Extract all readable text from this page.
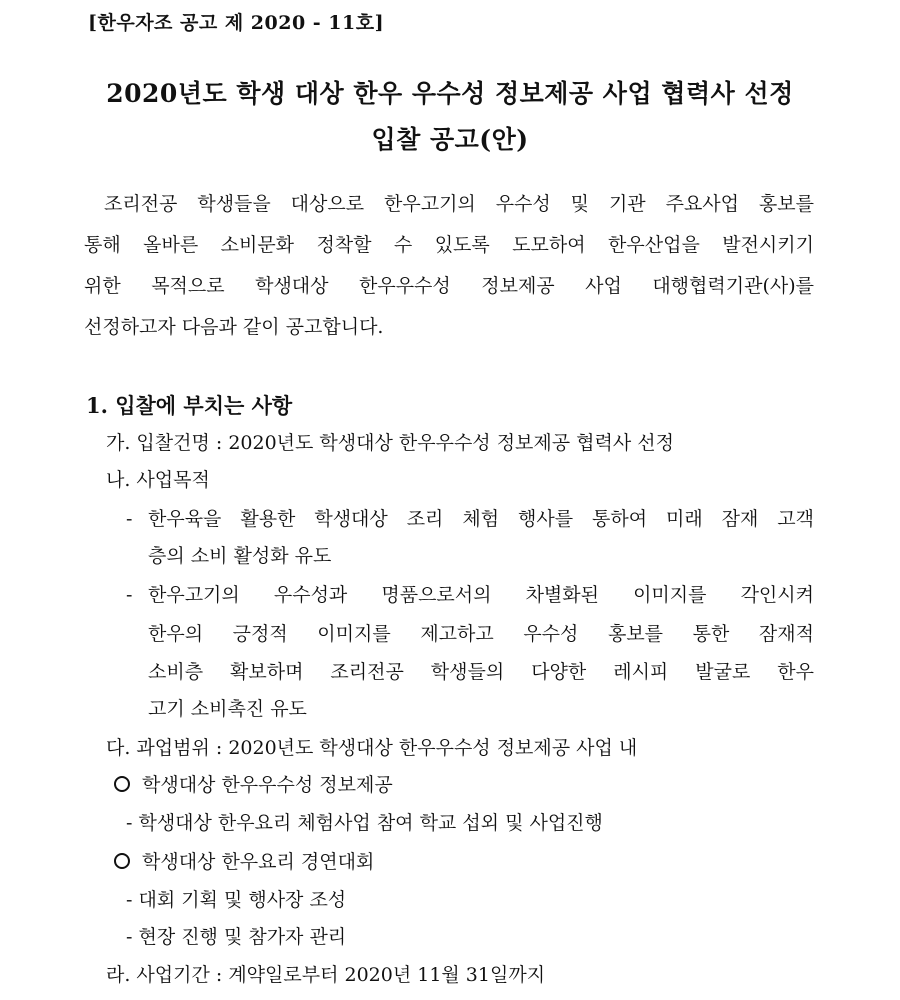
[한우자조 공고 제 2020 - 11호]
2020년도 학생 대상 한우 우수성 정보제공 사업 협력사 선정
입찰 공고(안)
조리전공 학생들을 대상으로 한우고기의 우수성 및 기관 주요사업 홍보를
통해 올바른 소비문화 정착할 수 있도록 도모하여 한우산업을 발전시키기
위한 목적으로 학생대상 한우우수성 정보제공 사업 대행협력기관(사)를
선정하고자 다음과 같이 공고합니다.
1. 입찰에 부치는 사항
가. 입찰건명 : 2020년도 학생대상 한우우수성 정보제공 협력사 선정
나. 사업목적
- 한우육을 활용한 학생대상 조리 체험 행사를 통하여 미래 잠재 고객
층의 소비 활성화 유도
- 한우고기의 우수성과 명품으로서의 차별화된 이미지를 각인시켜
한우의 긍정적 이미지를 제고하고 우수성 홍보를 통한 잠재적
소비층 확보하며 조리전공 학생들의 다양한 레시피 발굴로 한우
고기 소비촉진 유도
다. 과업범위 : 2020년도 학생대상 한우우수성 정보제공 사업 내
학생대상 한우우수성 정보제공
- 학생대상 한우요리 체험사업 참여 학교 섭외 및 사업진행
학생대상 한우요리 경연대회
- 대회 기획 및 행사장 조성
- 현장 진행 및 참가자 관리
라. 사업기간 : 계약일로부터 2020년 11월 31일까지
